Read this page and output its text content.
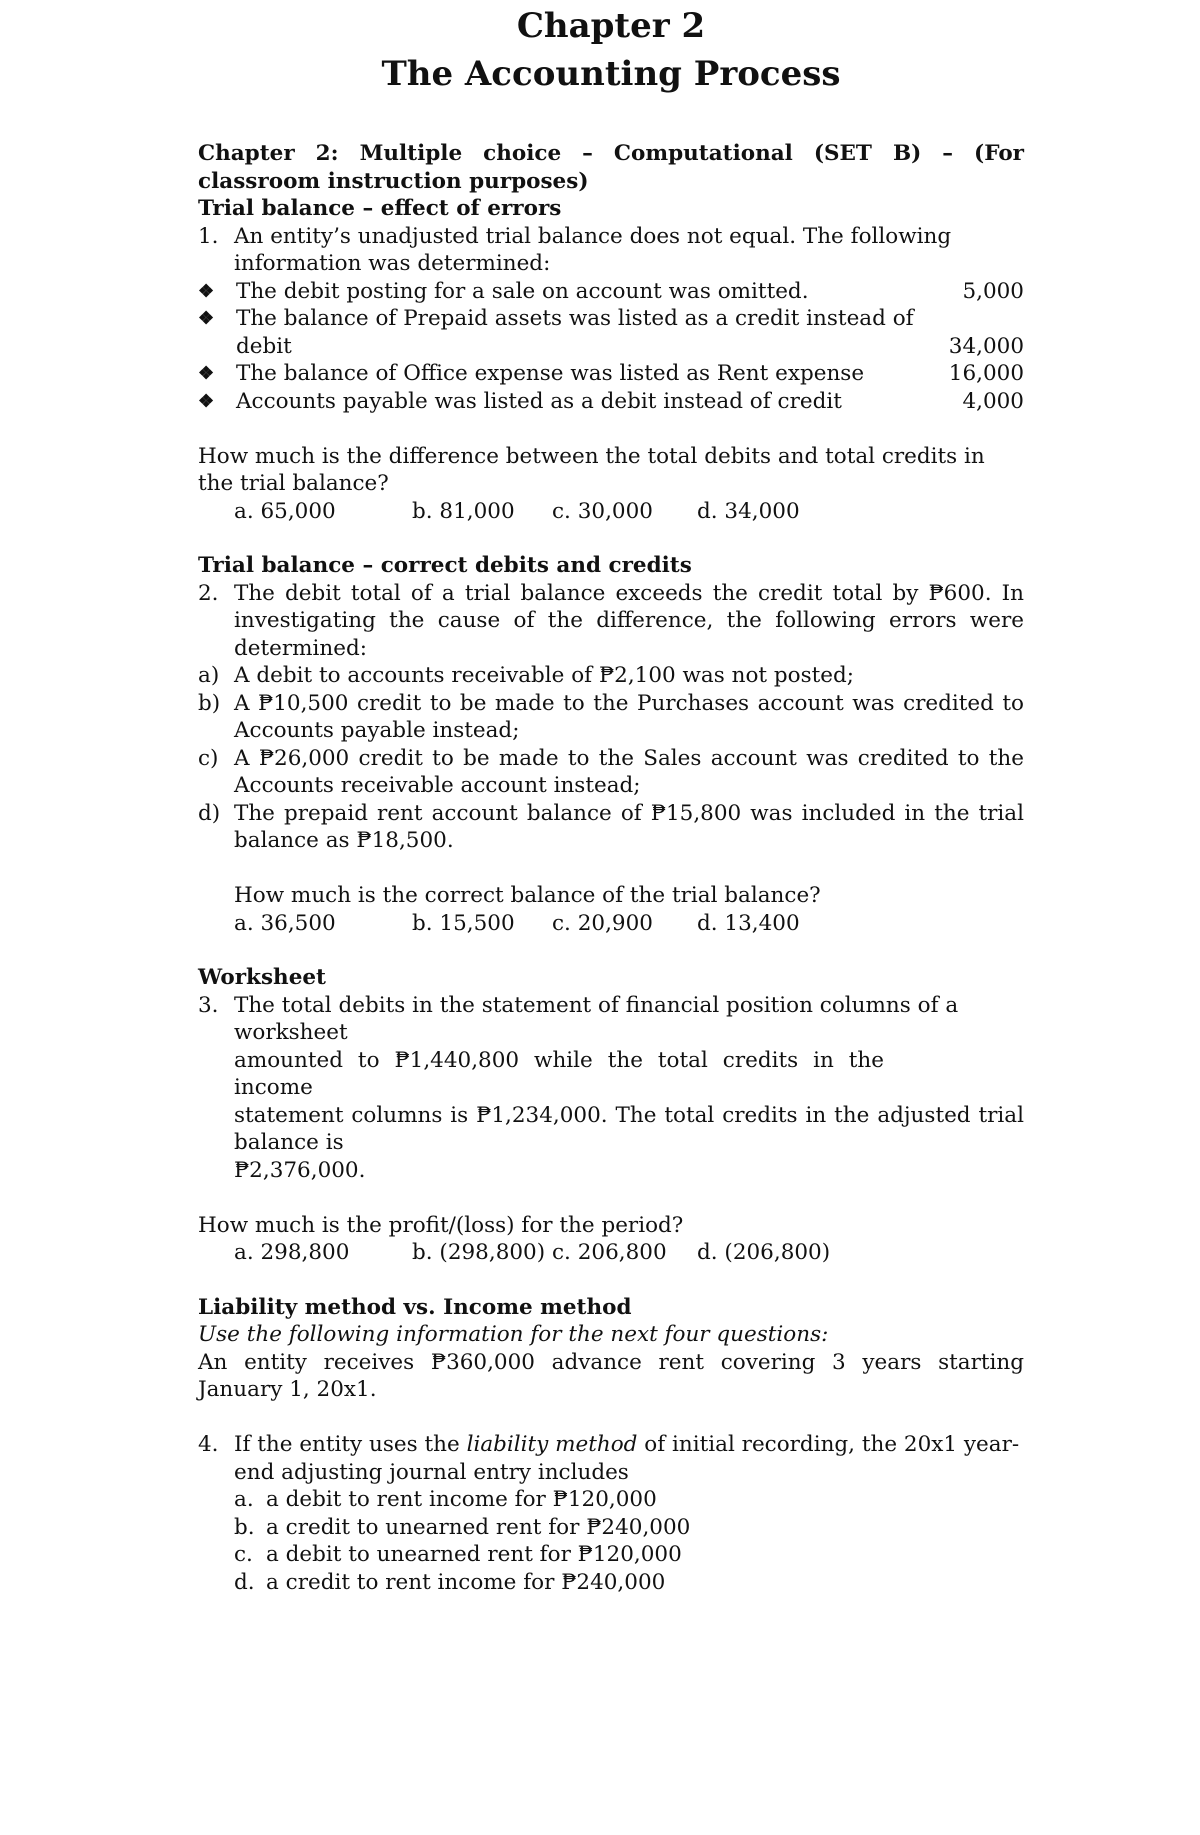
Chapter 2
The Accounting Process

Chapter 2: Multiple choice – Computational (SET B) – (For classroom instruction purposes)

Trial balance – effect of errors

1. An entity’s unadjusted trial balance does not equal. The following information was determined:
❖	The debit posting for a sale on account was omitted.	5,000
❖	The balance of Prepaid assets was listed as a credit instead of
debit	34,000
❖	The balance of Office expense was listed as Rent expense	16,000
❖	Accounts payable was listed as a debit instead of credit	4,000

How much is the difference between the total debits and total credits in the trial balance?

a. 65,000	b. 81,000	c. 30,000	d. 34,000

Trial balance – correct debits and credits

2. The debit total of a trial balance exceeds the credit total by ₱600. In investigating the cause of the difference, the following errors were determined:
a) A debit to accounts receivable of ₱2,100 was not posted;
b) A ₱10,500 credit to be made to the Purchases account was credited to Accounts payable instead;
c) A ₱26,000 credit to be made to the Sales account was credited to the Accounts receivable account instead;
d) The prepaid rent account balance of ₱15,800 was included in the trial balance as ₱18,500.

How much is the correct balance of the trial balance?

a. 36,500	b. 15,500	c. 20,900	d. 13,400

Worksheet

3. The total debits in the statement of financial position columns of a worksheet
amounted to ₱1,440,800 while the total credits in the income
statement columns is ₱1,234,000. The total credits in the adjusted trial
balance is
₱2,376,000.

How much is the profit/(loss) for the period?

a. 298,800	b. (298,800) c. 206,800	d. (206,800)

Liability method vs. Income method

Use the following information for the next four questions:

An entity receives ₱360,000 advance rent covering 3 years starting January 1, 20x1.

4. If the entity uses the liability method of initial recording, the 20x1 year-end adjusting journal entry includes
a. a debit to rent income for ₱120,000
b. a credit to unearned rent for ₱240,000
c. a debit to unearned rent for ₱120,000
d. a credit to rent income for ₱240,000
